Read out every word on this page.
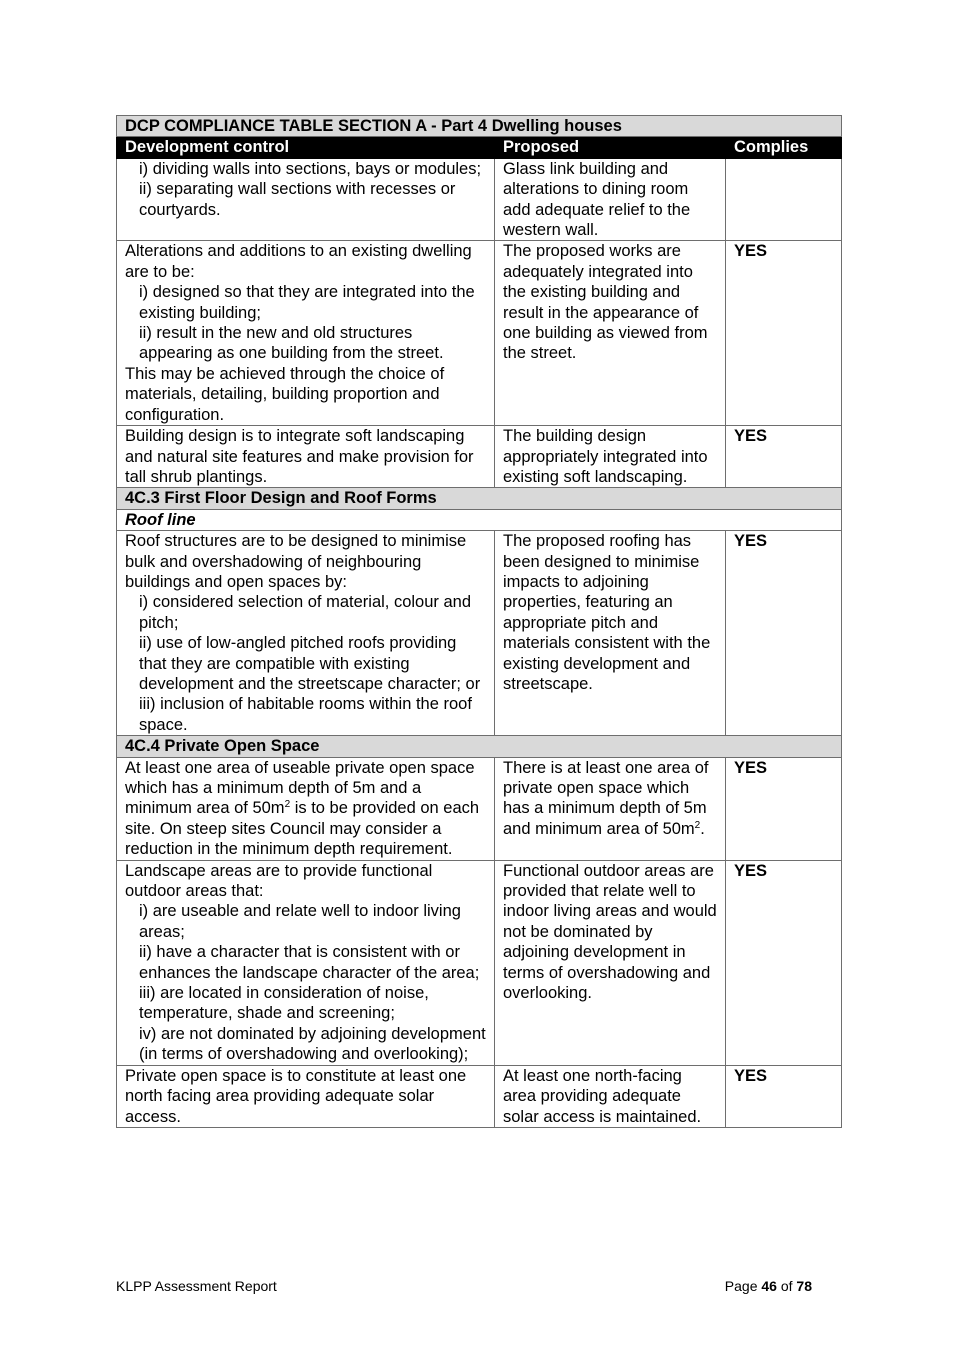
DCP COMPLIANCE TABLE SECTION A - Part 4 Dwelling houses		
Development control	Proposed	Complies

i) dividing walls into sections, bays or modules;
ii) separating wall sections with recesses or courtyards.	Glass link building and alterations to dining room add adequate relief to the western wall.	

Alterations and additions to an existing dwelling are to be:
i) designed so that they are integrated into the existing building;
ii) result in the new and old structures appearing as one building from the street.
This may be achieved through the choice of materials, detailing, building proportion and configuration.	The proposed works are adequately integrated into the existing building and result in the appearance of one building as viewed from the street.	YES
Building design is to integrate soft landscaping and natural site features and make provision for tall shrub plantings.	The building design appropriately integrated into existing soft landscaping.	YES
4C.3 First Floor Design and Roof Forms		
Roof line		

Roof structures are to be designed to minimise bulk and overshadowing of neighbouring buildings and open spaces by:
i) considered selection of material, colour and pitch;
ii) use of low-angled pitched roofs providing that they are compatible with existing development and the streetscape character; or
iii) inclusion of habitable rooms within the roof space.	The proposed roofing has been designed to minimise impacts to adjoining properties, featuring an appropriate pitch and materials consistent with the existing development and streetscape.	YES
4C.4 Private Open Space		
At least one area of useable private open space which has a minimum depth of 5m and a minimum area of $50m^2$ is to be provided on each site. On steep sites Council may consider a reduction in the minimum depth requirement.	There is at least one area of private open space which has a minimum depth of 5m and minimum area of $50m^2$.	YES

Landscape areas are to provide functional outdoor areas that:
i) are useable and relate well to indoor living areas;
ii) have a character that is consistent with or enhances the landscape character of the area;
iii) are located in consideration of noise, temperature, shade and screening;
iv) are not dominated by adjoining development (in terms of overshadowing and overlooking);	Functional outdoor areas are provided that relate well to indoor living areas and would not be dominated by adjoining development in terms of overshadowing and overlooking.	YES
Private open space is to constitute at least one north facing area providing adequate solar access.	At least one north-facing area providing adequate solar access is maintained.	YES
KLPP Assessment Report	Page 46 of 78
